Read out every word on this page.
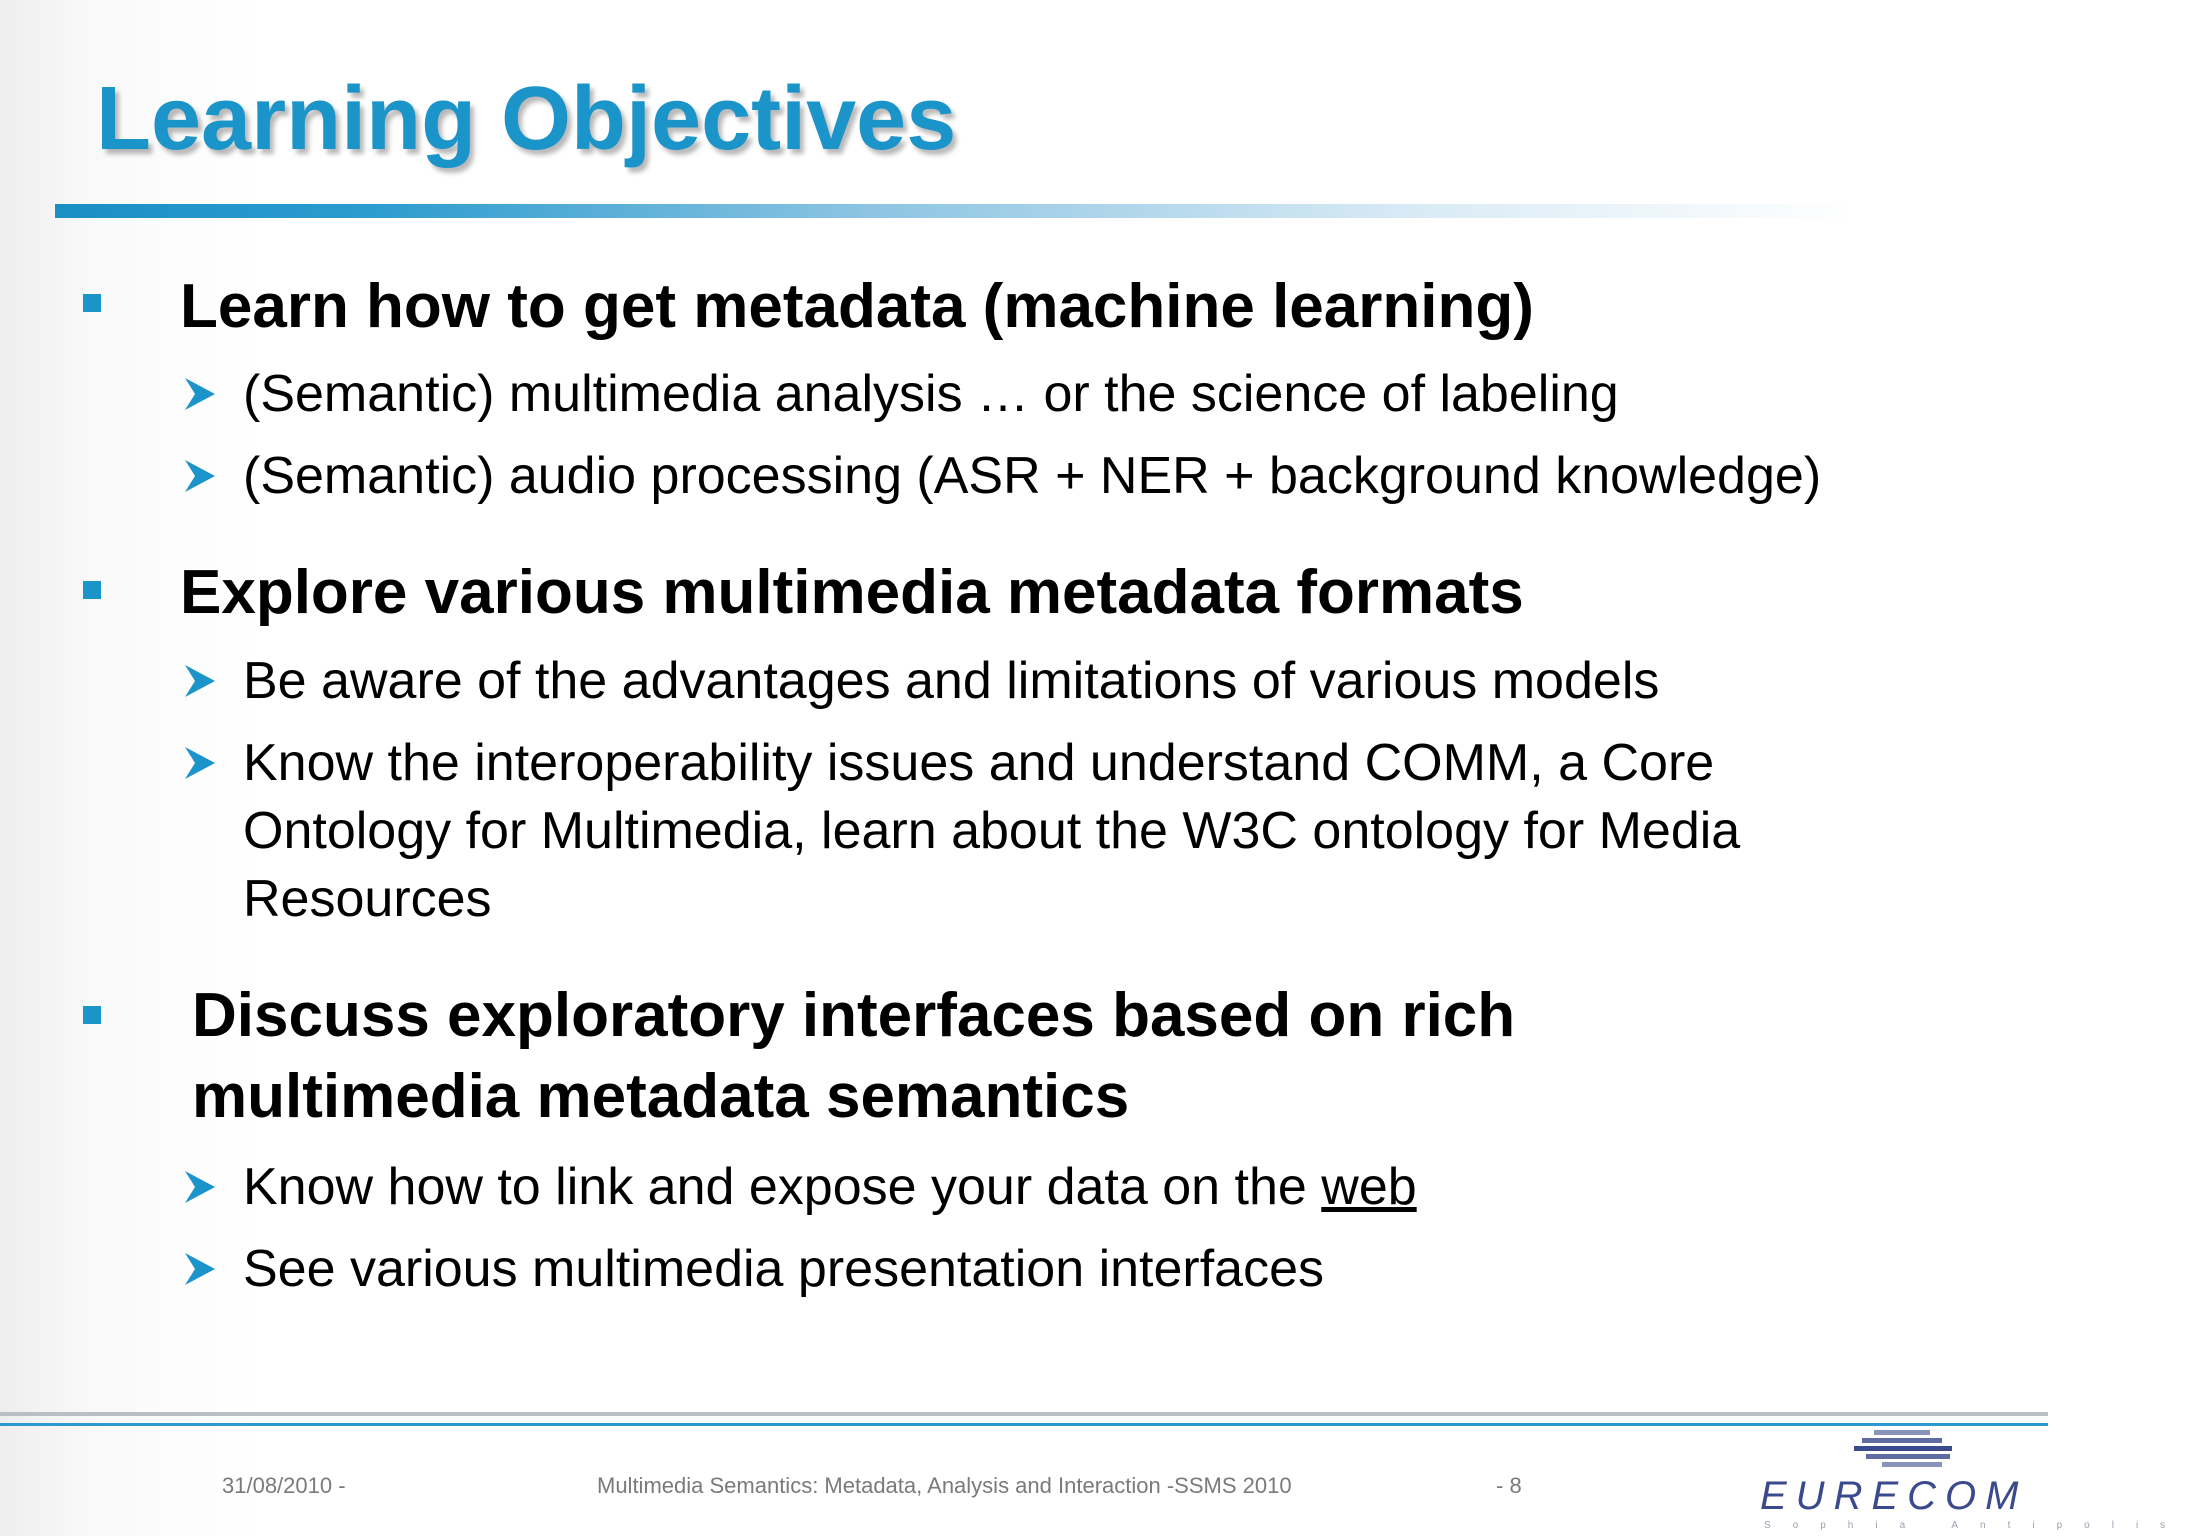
Learning Objectives

Learn how to get metadata (machine learning)

(Semantic) multimedia analysis … or the science of labeling

(Semantic) audio processing (ASR + NER + background knowledge)

Explore various multimedia metadata formats

Be aware of the advantages and limitations of various models

Know the interoperability issues and understand COMM, a Core

Ontology for Multimedia, learn about the W3C ontology for Media

Resources

Discuss exploratory interfaces based on rich

multimedia metadata semantics

Know how to link and expose your data on the web

See various multimedia presentation interfaces

31/08/2010 -	Multimedia Semantics: Metadata, Analysis and Interaction -SSMS 2010	- 8	EURECOM
Sophia Antipolis
